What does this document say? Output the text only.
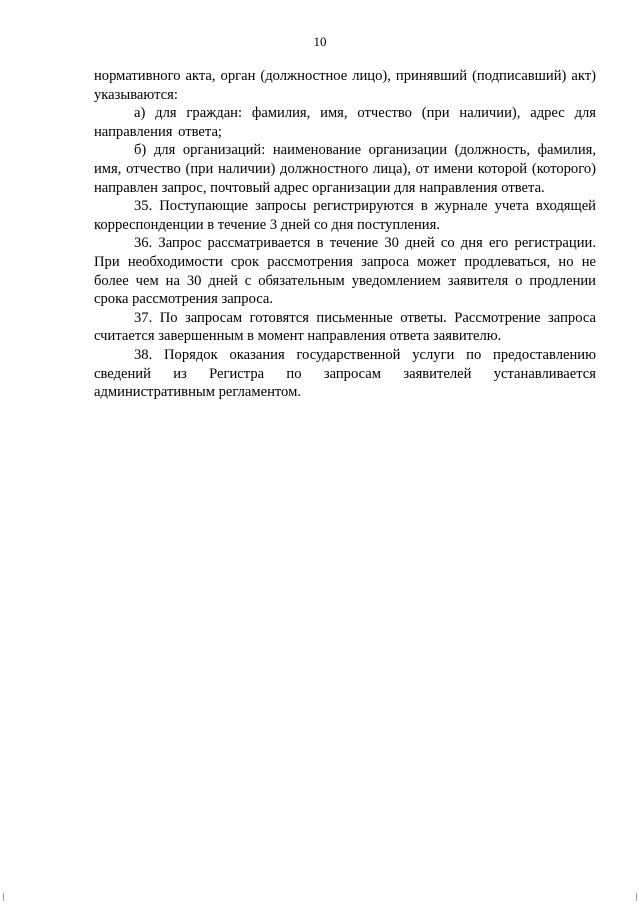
10

нормативного акта, орган (должностное лицо), принявший (подписавший) акт) указываются:

а) для граждан: фамилия, имя, отчество (при наличии), адрес для направления ответа;

б) для организаций: наименование организации (должность, фамилия, имя, отчество (при наличии) должностного лица), от имени которой (которого) направлен запрос, почтовый адрес организации для направления ответа.

35. Поступающие запросы регистрируются в журнале учета входящей корреспонденции в течение 3 дней со дня поступления.

36. Запрос рассматривается в течение 30 дней со дня его регистрации. При необходимости срок рассмотрения запроса может продлеваться, но не более чем на 30 дней с обязательным уведомлением заявителя о продлении срока рассмотрения запроса.

37. По запросам готовятся письменные ответы. Рассмотрение запроса считается завершенным в момент направления ответа заявителю.

38. Порядок оказания государственной услуги по предоставлению сведений из Регистра по запросам заявителей устанавливается административным регламентом.
